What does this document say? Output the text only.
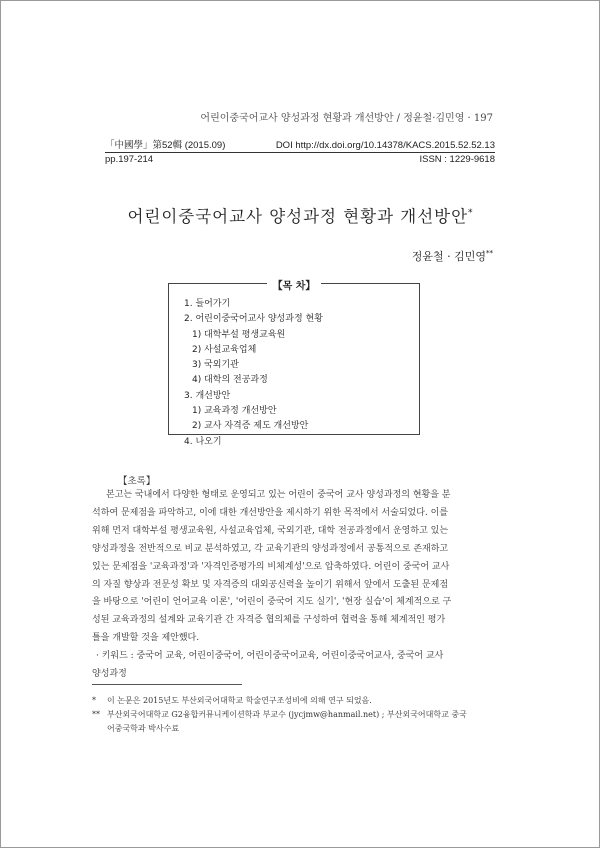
어린이중국어교사 양성과정 현황과 개선방안 / 정윤철·김민영 · 197
「中國學」第52輯 (2015.09)	DOI http://dx.doi.org/10.14378/KACS.2015.52.52.13
pp.197-214	ISSN : 1229-9618
어린이중국어교사 양성과정 현황과 개선방안*
정윤철 · 김민영**
【목 차】
1. 들어가기
2. 어린이중국어교사 양성과정 현황
1) 대학부설 평생교육원
2) 사설교육업체
3) 국외기관
4) 대학의 전공과정
3. 개선방안
1) 교육과정 개선방안
2) 교사 자격증 제도 개선방안
4. 나오기
【초록】

본고는 국내에서 다양한 형태로 운영되고 있는 어린이 중국어 교사 양성과정의 현황을 분

석하여 문제점을 파악하고, 이에 대한 개선방안을 제시하기 위한 목적에서 서술되었다. 이를
위해 먼저 대학부설 평생교육원, 사설교육업체, 국외기관, 대학 전공과정에서 운영하고 있는
양성과정을 전반적으로 비교 분석하였고, 각 교육기관의 양성과정에서 공통적으로 존재하고
있는 문제점을 '교육과정'과 '자격인증평가의 비체계성'으로 압축하였다. 어린이 중국어 교사
의 자질 향상과 전문성 확보 및 자격증의 대외공신력을 높이기 위해서 앞에서 도출된 문제점
을 바탕으로 '어린이 언어교육 이론', '어린이 중국어 지도 실기', '현장 실습'이 체계적으로 구
성된 교육과정의 설계와 교육기관 간 자격증 협의체를 구성하여 협력을 통해 체계적인 평가
틀을 개발할 것을 제안했다.
· 키워드 : 중국어 교육, 어린이중국어, 어린이중국어교육, 어린이중국어교사, 중국어 교사
양성과정
* 이 논문은 2015년도 부산외국어대학교 학술연구조성비에 의해 연구 되었음.
** 부산외국어대학교 G2융합커뮤니케이션학과 부교수 (jycjmw@hanmail.net) ; 부산외국어대학교 중국
어중국학과 박사수료
